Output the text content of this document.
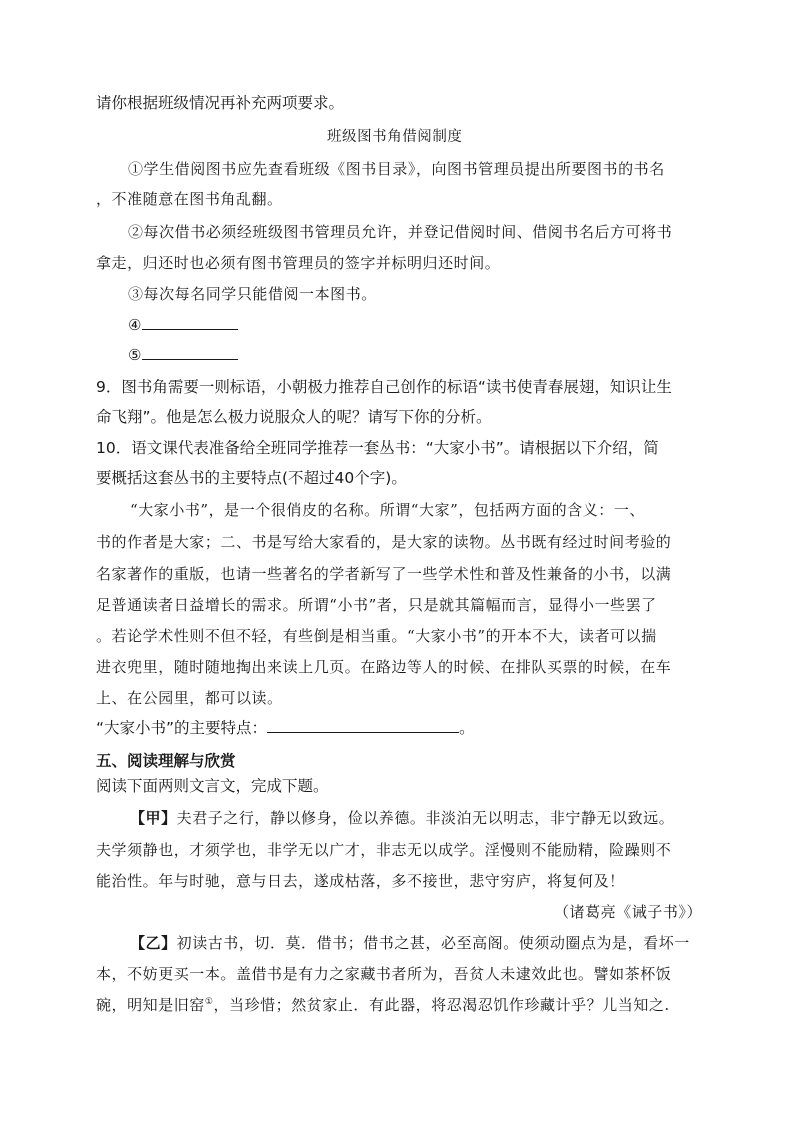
请你根据班级情况再补充两项要求。
班级图书角借阅制度
①学生借阅图书应先查看班级《图书目录》，向图书管理员提出所要图书的书名
，不准随意在图书角乱翻。
②每次借书必须经班级图书管理员允许，并登记借阅时间、借阅书名后方可将书
拿走，归还时也必须有图书管理员的签字并标明归还时间。
③每次每名同学只能借阅一本图书。
④
⑤
9．图书角需要一则标语，小朝极力推荐自己创作的标语“读书使青春展翅，知识让生
命飞翔”。他是怎么极力说服众人的呢？请写下你的分析。
10．语文课代表准备给全班同学推荐一套丛书：“大家小书”。请根据以下介绍，简
要概括这套丛书的主要特点(不超过40个字)。
“大家小书”，是一个很俏皮的名称。所谓“大家”，包括两方面的含义：一、
书的作者是大家；二、书是写给大家看的，是大家的读物。丛书既有经过时间考验的
名家著作的重版，也请一些著名的学者新写了一些学术性和普及性兼备的小书，以满
足普通读者日益增长的需求。所谓“小书”者，只是就其篇幅而言，显得小一些罢了
。若论学术性则不但不轻，有些倒是相当重。“大家小书”的开本不大，读者可以揣
进衣兜里，随时随地掏出来读上几页。在路边等人的时候、在排队买票的时候，在车
上、在公园里，都可以读。
“大家小书”的主要特点：	。
五、阅读理解与欣赏
阅读下面两则文言文，完成下题。
【甲】夫君子之行，静以修身，俭以养德。非淡泊无以明志，非宁静无以致远。
夫学须静也，才须学也，非学无以广才，非志无以成学。淫慢则不能励精，险躁则不
能治性。年与时驰，意与日去，遂成枯落，多不接世，悲守穷庐，将复何及！
（诸葛亮《诫子书》）
【乙】初读古书，切．莫．借书；借书之甚，必至高阁。使须动圈点为是，看坏一
本，不妨更买一本。盖借书是有力之家藏书者所为，吾贫人未逮效此也。譬如茶杯饭
碗，明知是旧窑①，当珍惜；然贫家止．有此器，将忍渴忍饥作珍藏计乎？儿当知之.
